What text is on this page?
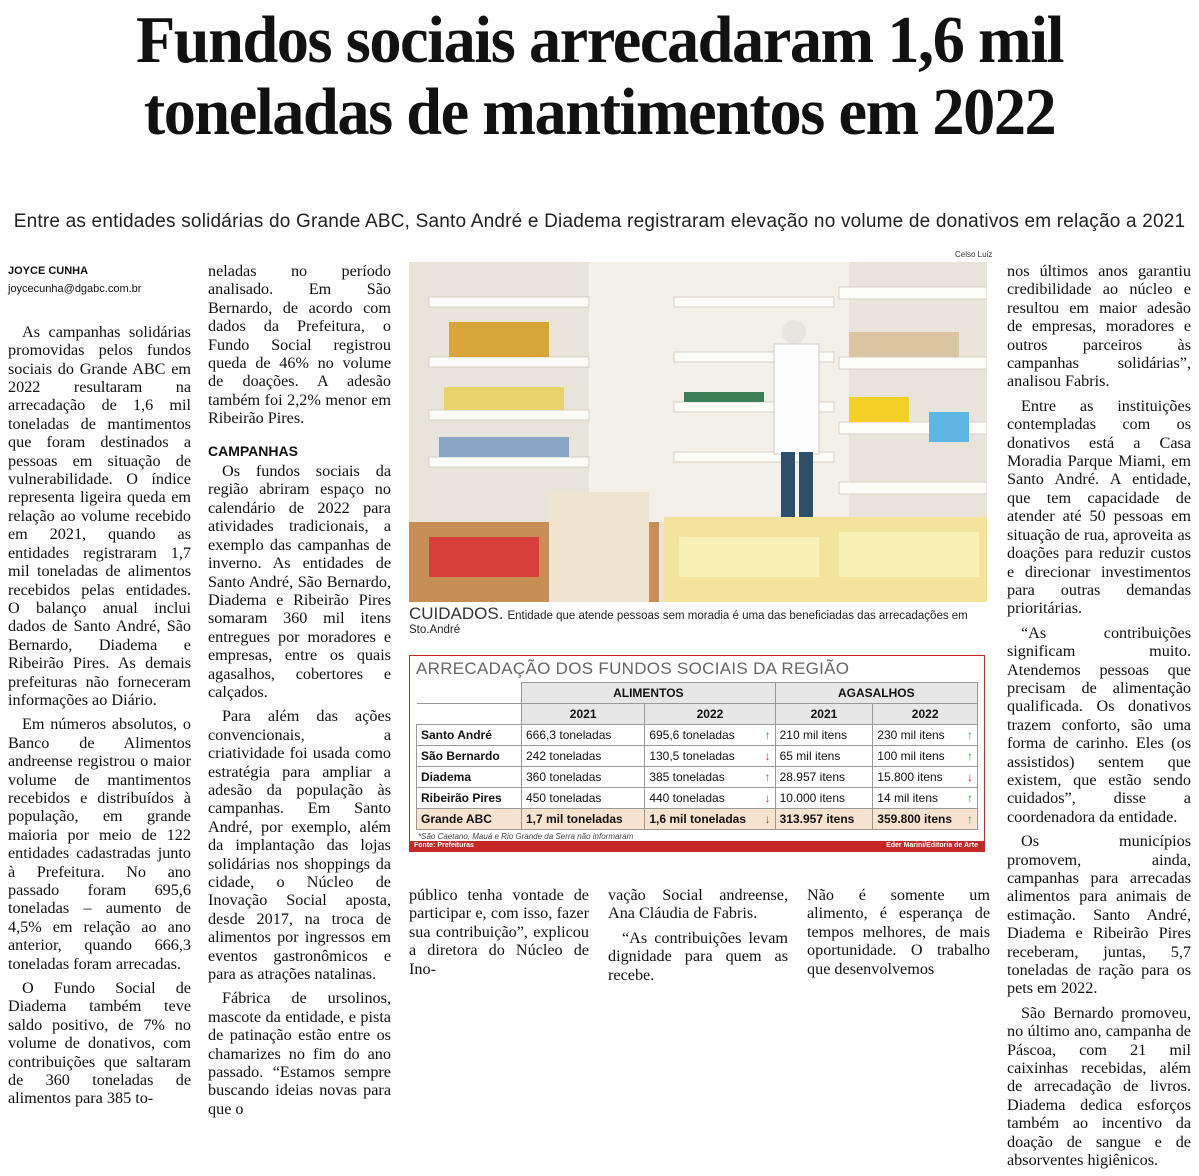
Fundos sociais arrecadaram 1,6 mil toneladas de mantimentos em 2022
Entre as entidades solidárias do Grande ABC, Santo André e Diadema registraram elevação no volume de donativos em relação a 2021
JOYCE CUNHA
joycecunha@dgabc.com.br

As campanhas solidárias promovidas pelos fundos sociais do Grande ABC em 2022 resultaram na arrecadação de 1,6 mil toneladas de mantimentos que foram destinados a pessoas em situação de vulnerabilidade. O índice representa ligeira queda em relação ao volume recebido em 2021, quando as entidades registraram 1,7 mil toneladas de alimentos recebidos pelas entidades. O balanço anual inclui dados de Santo André, São Bernardo, Diadema e Ribeirão Pires. As demais prefeituras não forneceram informações ao Diário.

Em números absolutos, o Banco de Alimentos andreense registrou o maior volume de mantimentos recebidos e distribuídos à população, em grande maioria por meio de 122 entidades cadastradas junto à Prefeitura. No ano passado foram 695,6 toneladas – aumento de 4,5% em relação ao ano anterior, quando 666,3 toneladas foram arrecadas.

O Fundo Social de Diadema também teve saldo positivo, de 7% no volume de donativos, com contribuições que saltaram de 360 toneladas de alimentos para 385 to-

neladas no período analisado. Em São Bernardo, de acordo com dados da Prefeitura, o Fundo Social registrou queda de 46% no volume de doações. A adesão também foi 2,2% menor em Ribeirão Pires.

CAMPANHAS

Os fundos sociais da região abriram espaço no calendário de 2022 para atividades tradicionais, a exemplo das campanhas de inverno. As entidades de Santo André, São Bernardo, Diadema e Ribeirão Pires somaram 360 mil itens entregues por moradores e empresas, entre os quais agasalhos, cobertores e calçados.

Para além das ações convencionais, a criatividade foi usada como estratégia para ampliar a adesão da população às campanhas. Em Santo André, por exemplo, além da implantação das lojas solidárias nos shoppings da cidade, o Núcleo de Inovação Social aposta, desde 2017, na troca de alimentos por ingressos em eventos gastronômicos e para as atrações natalinas.

Fábrica de ursolinos, mascote da entidade, e pista de patinação estão entre os chamarizes no fim do ano passado. “Estamos sempre buscando ideias novas para que o

Celso Luiz
CUIDADOS. Entidade que atende pessoas sem moradia é uma das beneficiadas das arrecadações em Sto.André
ARRECADAÇÃO DOS FUNDOS SOCIAIS DA REGIÃO
	ALIMENTOS		AGASALHOS	
	2021	2022	2021	2022
Santo André	666,3 toneladas	695,6 toneladas ↑	210 mil itens	230 mil itens ↑

São Bernardo	242 toneladas	130,5 toneladas ↓	65 mil itens	100 mil itens ↑

Diadema	360 toneladas	385 toneladas ↑	28.957 itens	15.800 itens ↓

Ribeirão Pires	450 toneladas	440 toneladas ↓	10.000 itens	14 mil itens ↑

Grande ABC	1,7 mil toneladas	1,6 mil toneladas ↓	313.957 itens	359.800 itens ↑
*São Caetano, Mauá e Rio Grande da Serra não informaram
Fonte: Prefeituras	Eder Marini/Editoria de Arte

público tenha vontade de participar e, com isso, fazer sua contribuição”, explicou a diretora do Núcleo de Ino-

vação Social andreense, Ana Cláudia de Fabris.

“As contribuições levam dignidade para quem as recebe.

Não é somente um alimento, é esperança de tempos melhores, de mais oportunidade. O trabalho que desenvolvemos

nos últimos anos garantiu credibilidade ao núcleo e resultou em maior adesão de empresas, moradores e outros parceiros às campanhas solidárias”, analisou Fabris.

Entre as instituições contempladas com os donativos está a Casa Moradia Parque Miami, em Santo André. A entidade, que tem capacidade de atender até 50 pessoas em situação de rua, aproveita as doações para reduzir custos e direcionar investimentos para outras demandas prioritárias.

“As contribuições significam muito. Atendemos pessoas que precisam de alimentação qualificada. Os donativos trazem conforto, são uma forma de carinho. Eles (os assistidos) sentem que existem, que estão sendo cuidados”, disse a coordenadora da entidade.

Os municípios promovem, ainda, campanhas para arrecadas alimentos para animais de estimação. Santo André, Diadema e Ribeirão Pires receberam, juntas, 5,7 toneladas de ração para os pets em 2022.

São Bernardo promoveu, no último ano, campanha de Páscoa, com 21 mil caixinhas recebidas, além de arrecadação de livros. Diadema dedica esforços também ao incentivo da doação de sangue e de absorventes higiênicos.
